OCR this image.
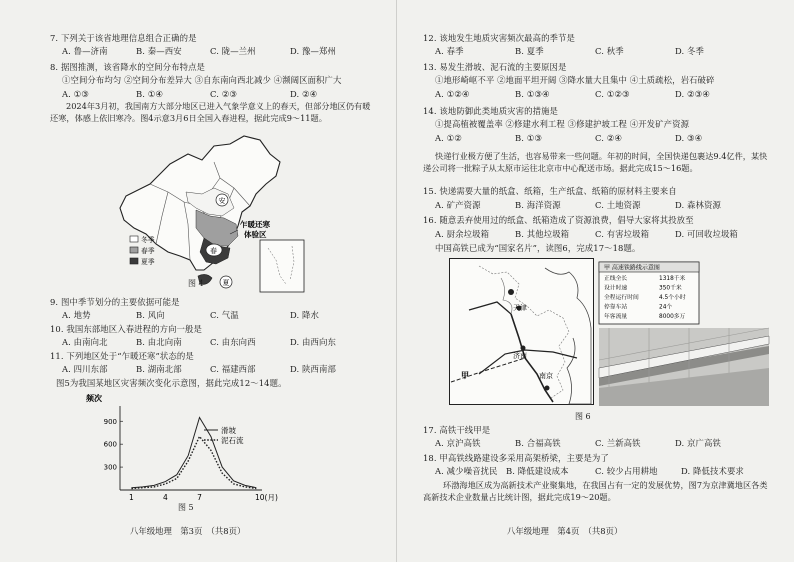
7. 下列关于该省地理信息组合正确的是
A. 鲁—济南	B. 秦—西安	C. 陇—兰州	D. 豫—郑州
8. 据图推测，该省降水的空间分布特点是
①空间分布均匀 ②空间分布差异大 ③自东南向西北减少 ④濒阔区面积广大
A. ①③	B. ①④	C. ②③	D. ②④
2024年3月初，我国南方大部分地区已进入气象学意义上的春天，但部分地区仍有暖还寒，体感上依旧寒冷。图4示意3月6日全国入春进程，据此完成9～11题。
安
春
夏
乍暖还寒
体验区
冬季
春季
夏季
图 4
9. 图中季节划分的主要依据可能是
A. 地势	B. 风向	C. 气温	D. 降水
10. 我国东部地区入春进程的方向一般是
A. 由南向北	B. 由北向南	C. 由东向西	D. 由西向东
11. 下列地区处于“乍暖还寒”状态的是
A. 四川东部	B. 湖南北部	C. 福建西部	D. 陕西南部
图5为我国某地区灾害频次变化示意图，据此完成12～14题。
频次
900
600
300
1	4	7
滑坡
泥石流
10(月)
图 5
八年级地理　第3页　（共8页）
12. 该地发生地质灾害频次最高的季节是
A. 春季	B. 夏季	C. 秋季	D. 冬季
13. 易发生滑坡、泥石流的主要原因是
①地形崎岖不平 ②地面平坦开阔 ③降水量大且集中 ④土质疏松，岩石破碎
A. ①②④	B. ①③④	C. ①②③	D. ②③④
14. 该地防御此类地质灾害的措施是
①提高植被覆盖率 ②修建水利工程 ③修建护坡工程 ④开发矿产资源
A. ①②	B. ①③	C. ②④	D. ③④
快递行业极方便了生活，也容易带来一些问题。年初的时间，全国快递包裹达9.4亿件，某快递公司将一批粽子从太原市运往北京市中心配送市场。据此完成15～16题。
15. 快递需要大量的纸盒、纸箱，生产纸盒、纸箱的原材料主要来自
A. 矿产资源	B. 海洋资源	C. 土地资源	D. 森林资源
16. 随意丢弃使用过的纸盒、纸箱造成了资源浪费，倡导大家将其投放至
A. 厨余垃圾箱	B. 其他垃圾箱	C. 有害垃圾箱	D. 可回收垃圾箱
中国高铁已成为“国家名片”，读图6，完成17～18题。
天津
济南
南京
甲
甲 高速铁路线示意图
正线全长	1318千米
设计时速	350千米
全程运行时间	4.5个小时
停靠车站	24个
年客流量	8000多万
图 6
17. 高铁干线甲是
A. 京沪高铁	B. 合福高铁	C. 兰新高铁	D. 京广高铁
18. 甲高铁线路建设多采用高架桥梁，主要是为了
A. 减少噪音扰民　B. 降低建设成本	C. 较少占用耕地	D. 降低技术要求
环渤海地区成为高新技术产业聚集地，在我国占有一定的发展优势，图7为京津冀地区各类高新技术企业数量占比统计图，据此完成19～20题。
八年级地理　第4页　（共8页）
